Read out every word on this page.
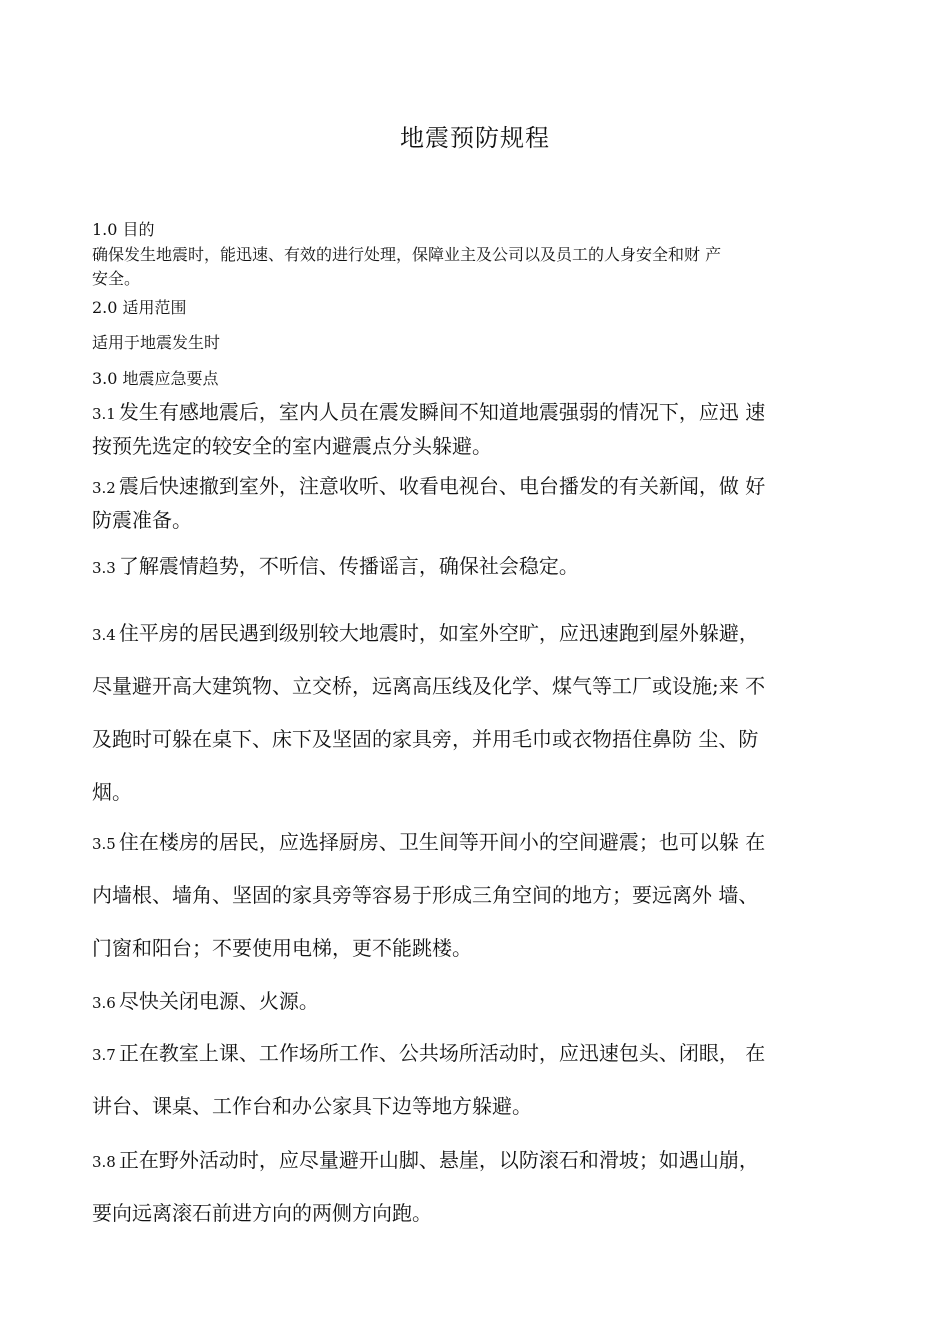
地震预防规程
1.0 目的
确保发生地震时，能迅速、有效的进行处理，保障业主及公司以及员工的人身安全和财 产
安全。
2.0 适用范围
适用于地震发生时
3.0 地震应急要点
3.1 发生有感地震后，室内人员在震发瞬间不知道地震强弱的情况下，应迅 速
按预先选定的较安全的室内避震点分头躲避。
3.2 震后快速撤到室外，注意收听、收看电视台、电台播发的有关新闻，做 好
防震准备。
3.3 了解震情趋势，不听信、传播谣言，确保社会稳定。
3.4 住平房的居民遇到级别较大地震时，如室外空旷，应迅速跑到屋外躲避，
尽量避开高大建筑物、立交桥，远离高压线及化学、煤气等工厂或设施;来 不
及跑时可躲在桌下、床下及坚固的家具旁，并用毛巾或衣物捂住鼻防 尘、防
烟。
3.5 住在楼房的居民，应选择厨房、卫生间等开间小的空间避震；也可以躲 在
内墙根、墙角、坚固的家具旁等容易于形成三角空间的地方；要远离外 墙、
门窗和阳台；不要使用电梯，更不能跳楼。
3.6 尽快关闭电源、火源。
3.7 正在教室上课、工作场所工作、公共场所活动时，应迅速包头、闭眼， 在
讲台、课桌、工作台和办公家具下边等地方躲避。
3.8 正在野外活动时，应尽量避开山脚、悬崖，以防滚石和滑坡；如遇山崩，
要向远离滚石前进方向的两侧方向跑。
